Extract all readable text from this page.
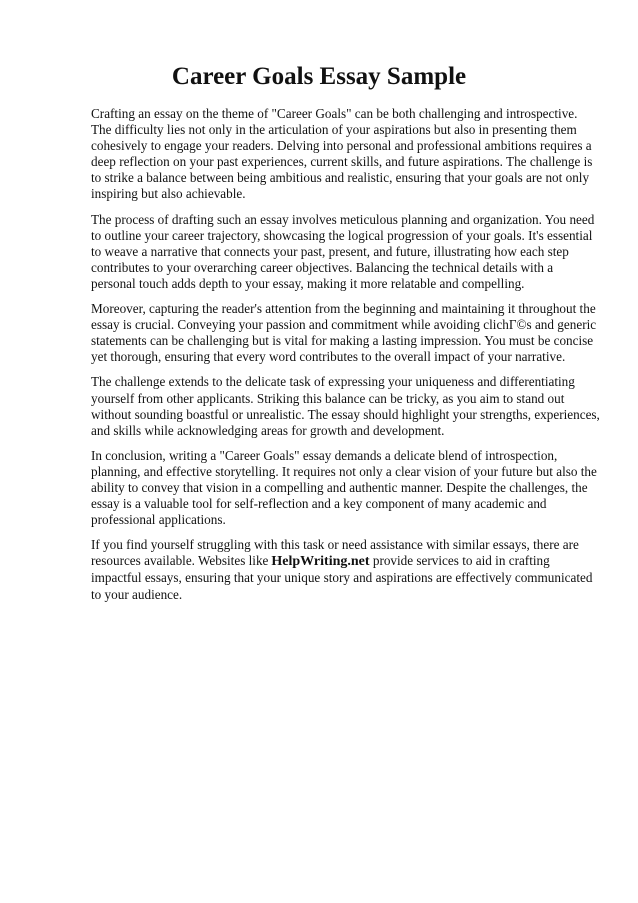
Career Goals Essay Sample

Crafting an essay on the theme of "Career Goals" can be both challenging and introspective. The difficulty lies not only in the articulation of your aspirations but also in presenting them cohesively to engage your readers. Delving into personal and professional ambitions requires a deep reflection on your past experiences, current skills, and future aspirations. The challenge is to strike a balance between being ambitious and realistic, ensuring that your goals are not only inspiring but also achievable.

The process of drafting such an essay involves meticulous planning and organization. You need to outline your career trajectory, showcasing the logical progression of your goals. It's essential to weave a narrative that connects your past, present, and future, illustrating how each step contributes to your overarching career objectives. Balancing the technical details with a personal touch adds depth to your essay, making it more relatable and compelling.

Moreover, capturing the reader's attention from the beginning and maintaining it throughout the essay is crucial. Conveying your passion and commitment while avoiding clichГ©s and generic statements can be challenging but is vital for making a lasting impression. You must be concise yet thorough, ensuring that every word contributes to the overall impact of your narrative.

The challenge extends to the delicate task of expressing your uniqueness and differentiating yourself from other applicants. Striking this balance can be tricky, as you aim to stand out without sounding boastful or unrealistic. The essay should highlight your strengths, experiences, and skills while acknowledging areas for growth and development.

In conclusion, writing a "Career Goals" essay demands a delicate blend of introspection, planning, and effective storytelling. It requires not only a clear vision of your future but also the ability to convey that vision in a compelling and authentic manner. Despite the challenges, the essay is a valuable tool for self-reflection and a key component of many academic and professional applications.

If you find yourself struggling with this task or need assistance with similar essays, there are resources available. Websites like HelpWriting.net provide services to aid in crafting impactful essays, ensuring that your unique story and aspirations are effectively communicated to your audience.
